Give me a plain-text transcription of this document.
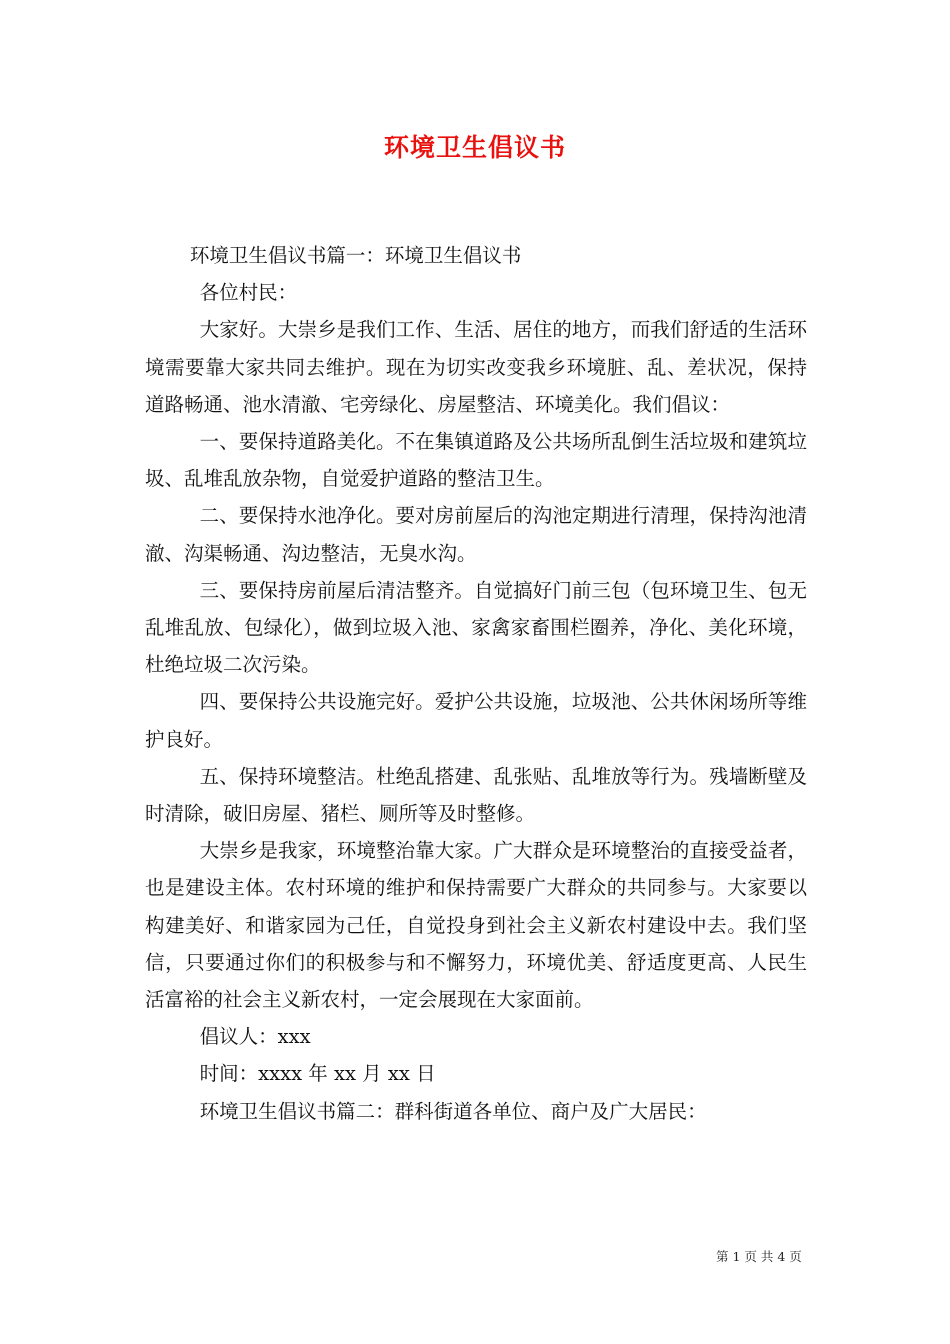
环境卫生倡议书

环境卫生倡议书篇一：环境卫生倡议书

各位村民：

大家好。大崇乡是我们工作、生活、居住的地方，而我们舒适的生活环境需要靠大家共同去维护。现在为切实改变我乡环境脏、乱、差状况，保持道路畅通、池水清澈、宅旁绿化、房屋整洁、环境美化。我们倡议：

一、要保持道路美化。不在集镇道路及公共场所乱倒生活垃圾和建筑垃圾、乱堆乱放杂物，自觉爱护道路的整洁卫生。

二、要保持水池净化。要对房前屋后的沟池定期进行清理，保持沟池清澈、沟渠畅通、沟边整洁，无臭水沟。

三、要保持房前屋后清洁整齐。自觉搞好门前三包（包环境卫生、包无乱堆乱放、包绿化），做到垃圾入池、家禽家畜围栏圈养，净化、美化环境，杜绝垃圾二次污染。

四、要保持公共设施完好。爱护公共设施，垃圾池、公共休闲场所等维护良好。

五、保持环境整洁。杜绝乱搭建、乱张贴、乱堆放等行为。残墙断壁及时清除，破旧房屋、猪栏、厕所等及时整修。

大崇乡是我家，环境整治靠大家。广大群众是环境整治的直接受益者，也是建设主体。农村环境的维护和保持需要广大群众的共同参与。大家要以构建美好、和谐家园为己任，自觉投身到社会主义新农村建设中去。我们坚信，只要通过你们的积极参与和不懈努力，环境优美、舒适度更高、人民生活富裕的社会主义新农村，一定会展现在大家面前。

倡议人：xxx

时间：xxxx 年 xx 月 xx 日

环境卫生倡议书篇二：群科街道各单位、商户及广大居民：

第 1 页 共 4 页
